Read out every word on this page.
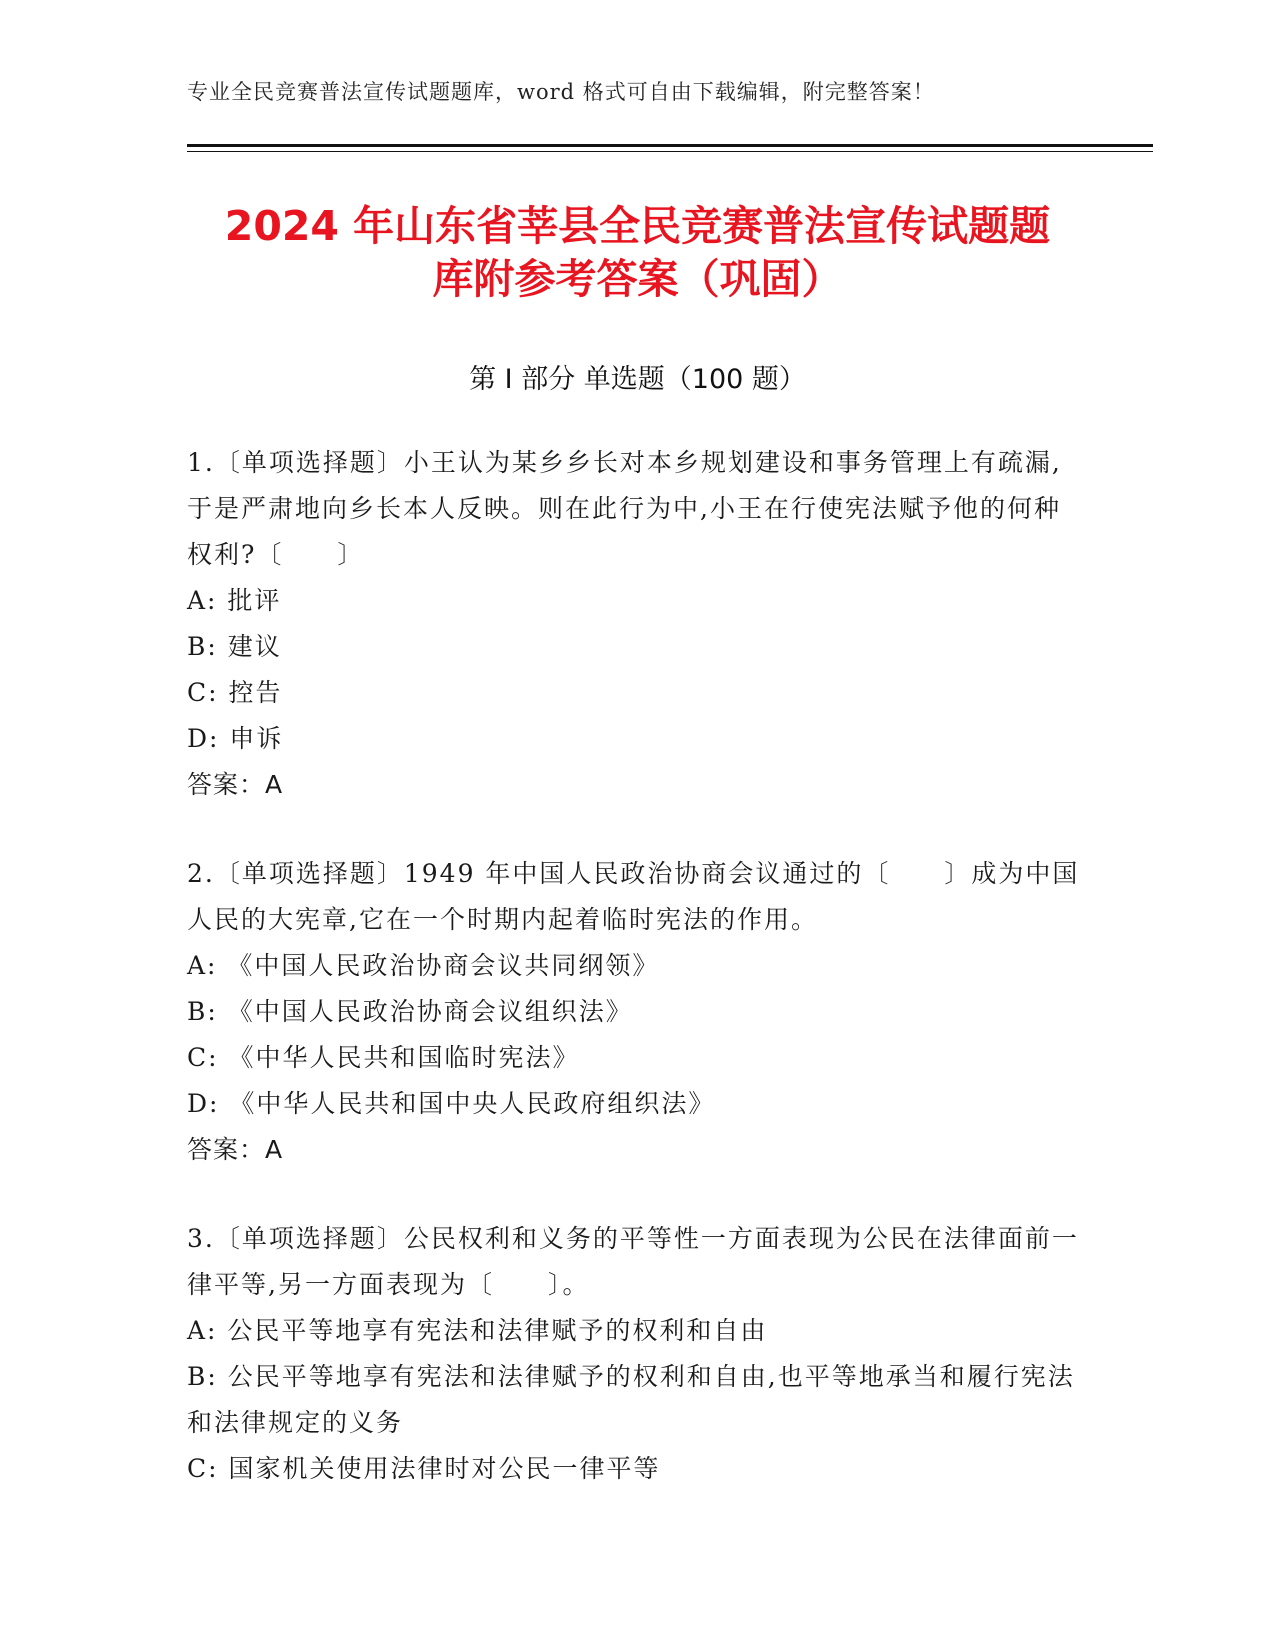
专业全民竞赛普法宣传试题题库，word 格式可自由下载编辑，附完整答案！
2024 年山东省莘县全民竞赛普法宣传试题题
库附参考答案（巩固）
第 I 部分 单选题（100 题）
1.〔单项选择题〕小王认为某乡乡长对本乡规划建设和事务管理上有疏漏,于是严肃地向乡长本人反映。则在此行为中,小王在行使宪法赋予他的何种权利?〔　　〕
A: 批评
B: 建议
C: 控告
D: 申诉
答案：A
2.〔单项选择题〕1949 年中国人民政治协商会议通过的〔　　〕成为中国人民的大宪章,它在一个时期内起着临时宪法的作用。
A: 《中国人民政治协商会议共同纲领》
B: 《中国人民政治协商会议组织法》
C: 《中华人民共和国临时宪法》
D: 《中华人民共和国中央人民政府组织法》
答案：A
3.〔单项选择题〕公民权利和义务的平等性一方面表现为公民在法律面前一律平等,另一方面表现为〔　　〕。
A: 公民平等地享有宪法和法律赋予的权利和自由
B: 公民平等地享有宪法和法律赋予的权利和自由,也平等地承当和履行宪法和法律规定的义务
C: 国家机关使用法律时对公民一律平等
